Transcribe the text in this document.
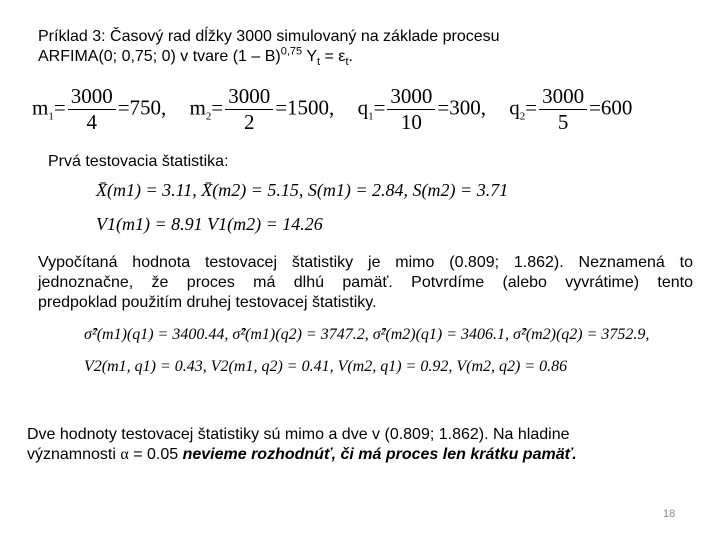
Príklad 3: Časový rad dĺžky 3000 simulovaný na základe procesu
ARFIMA(0; 0,75; 0) v tvare (1 – B)$^{0,75}$ $Y_t = \varepsilon_t$.
$m_1= \frac{3000}{4} =750$, $m_2= \frac{3000}{2} =1500$, $q_1= \frac{3000}{10} =300$, $q_2= \frac{3000}{5} =600$
Prvá testovacia štatistika:
X̄(m1) = 3.11, X̄(m2) = 5.15, S(m1) = 2.84, S(m2) = 3.71
V1(m1) = 8.91 V1(m2) = 14.26
Vypočítaná hodnota testovacej štatistiky je mimo (0.809; 1.862). Neznamená to
jednoznačne, že proces má dlhú pamäť. Potvrdíme (alebo vyvrátime) tento
predpoklad použitím druhej testovacej štatistiky.
σ̂²(m1)(q1) = 3400.44, σ̂²(m1)(q2) = 3747.2, σ̂²(m2)(q1) = 3406.1, σ̂²(m2)(q2) = 3752.9,
V2(m1, q1) = 0.43, V2(m1, q2) = 0.41, V(m2, q1) = 0.92, V(m2, q2) = 0.86
Dve hodnoty testovacej štatistiky sú mimo a dve v (0.809; 1.862). Na hladine
významnosti α = 0.05 nevieme rozhodnúť, či má proces len krátku pamäť.
18
